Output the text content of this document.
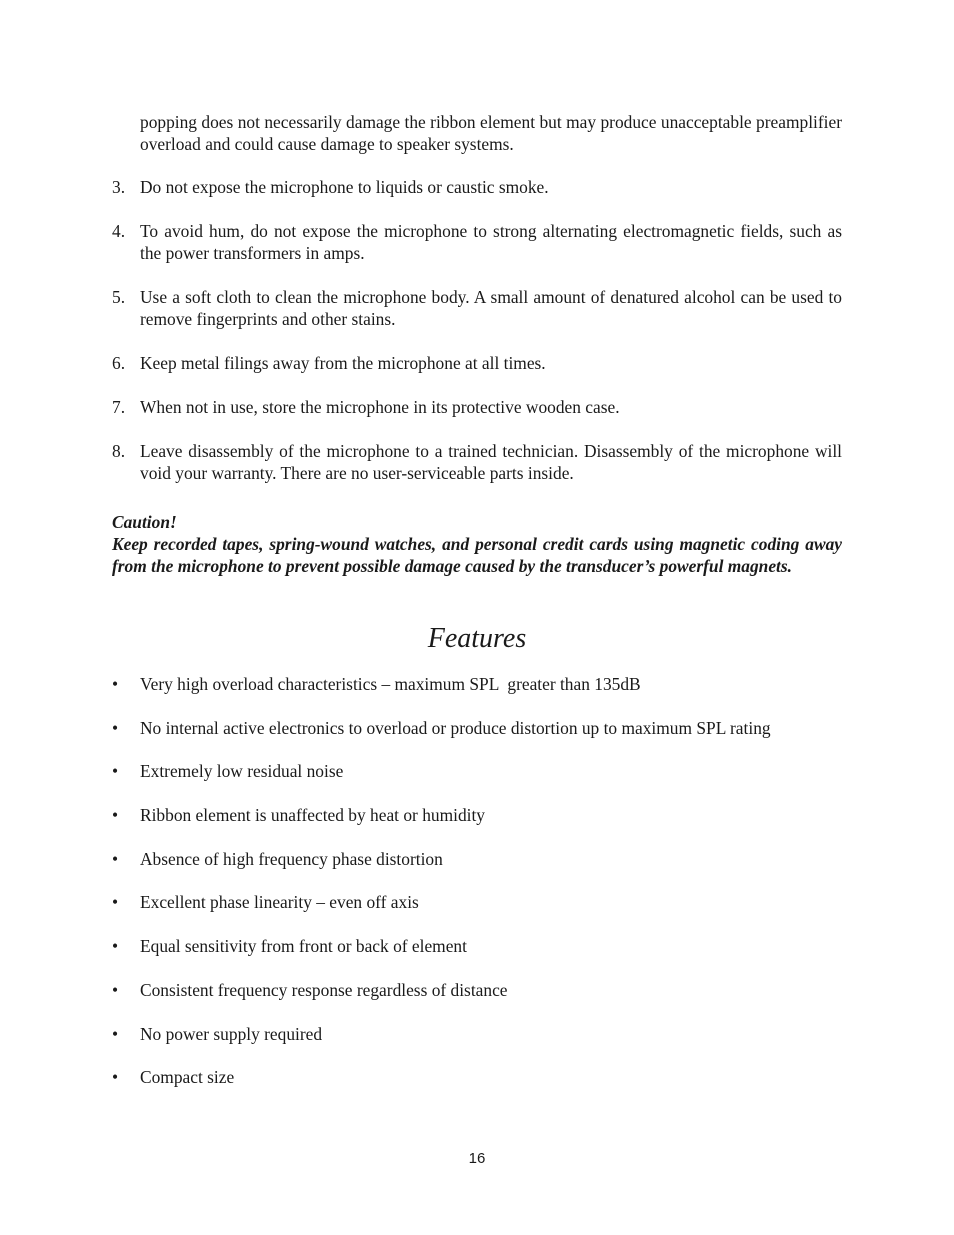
popping does not necessarily damage the ribbon element but may produce unacceptable preamplifier overload and could cause damage to speaker systems.

3. Do not expose the microphone to liquids or caustic smoke.
4. To avoid hum, do not expose the microphone to strong alternating electromagnetic fields, such as the power transformers in amps.
5. Use a soft cloth to clean the microphone body. A small amount of denatured alcohol can be used to remove fingerprints and other stains.
6. Keep metal filings away from the microphone at all times.
7. When not in use, store the microphone in its protective wooden case.
8. Leave disassembly of the microphone to a trained technician. Disassembly of the microphone will void your warranty. There are no user-serviceable parts inside.
Caution!
Keep recorded tapes, spring-wound watches, and personal credit cards using magnetic coding away from the microphone to prevent possible damage caused by the transducer’s powerful magnets.
Features
•	Very high overload characteristics – maximum SPL  greater than 135dB
•	No internal active electronics to overload or produce distortion up to maximum SPL rating
•	Extremely low residual noise
•	Ribbon element is unaffected by heat or humidity
•	Absence of high frequency phase distortion
•	Excellent phase linearity – even off axis
•	Equal sensitivity from front or back of element
•	Consistent frequency response regardless of distance
•	No power supply required
•	Compact size
16
